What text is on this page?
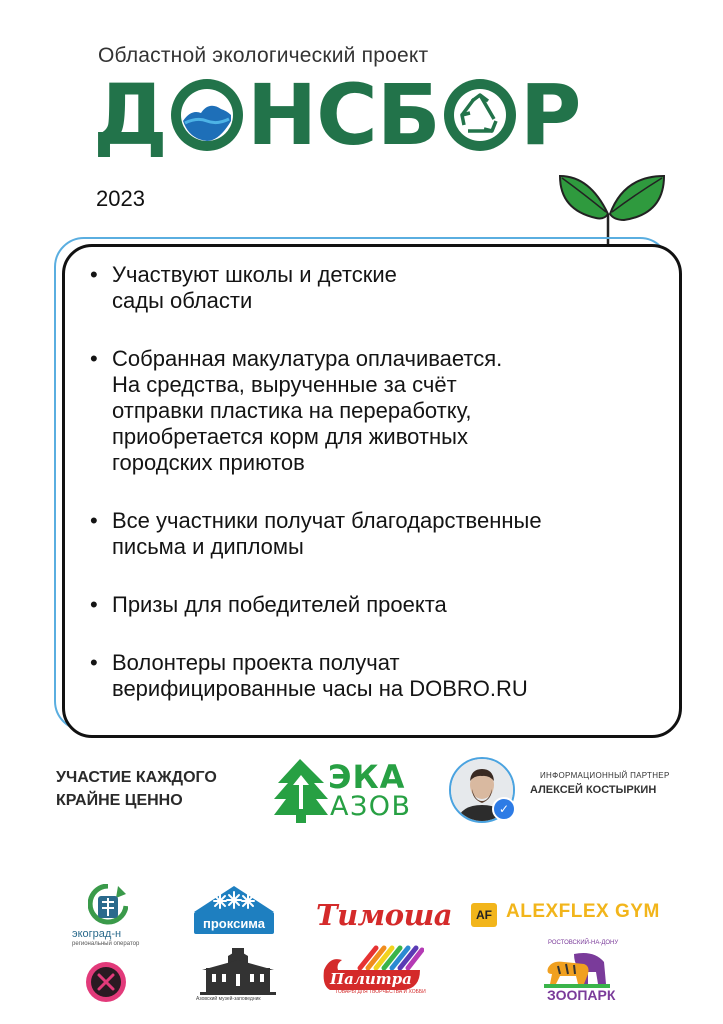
Областной экологический проект
Д Н С Б Р
2023
• Участвуют школы и детские
сады области
• Собранная макулатура оплачивается.
На средства, вырученные за счёт
отправки пластика на переработку,
приобретается корм для животных
городских приютов
• Все участники получат благодарственные
письма и дипломы
• Призы для победителей проекта
• Волонтеры проекта получат
верифицированные часы на DOBRO.RU
УЧАСТИЕ КАЖДОГО
КРАЙНЕ ЦЕННО
ЭКА
АЗОВ	✓
ИНФОРМАЦИОННЫЙ ПАРТНЕР
АЛЕКСЕЙ КОСТЫРКИН
экоград-н
региональный оператор
проксима Тимоша	AF ALEXFLEX GYM
Азовский музей-заповедник
Палитра
ТОВАРЫ ДЛЯ ТВОРЧЕСТВА И ХОББИ
РОСТОВСКИЙ-НА-ДОНУ
ЗООПАРК
